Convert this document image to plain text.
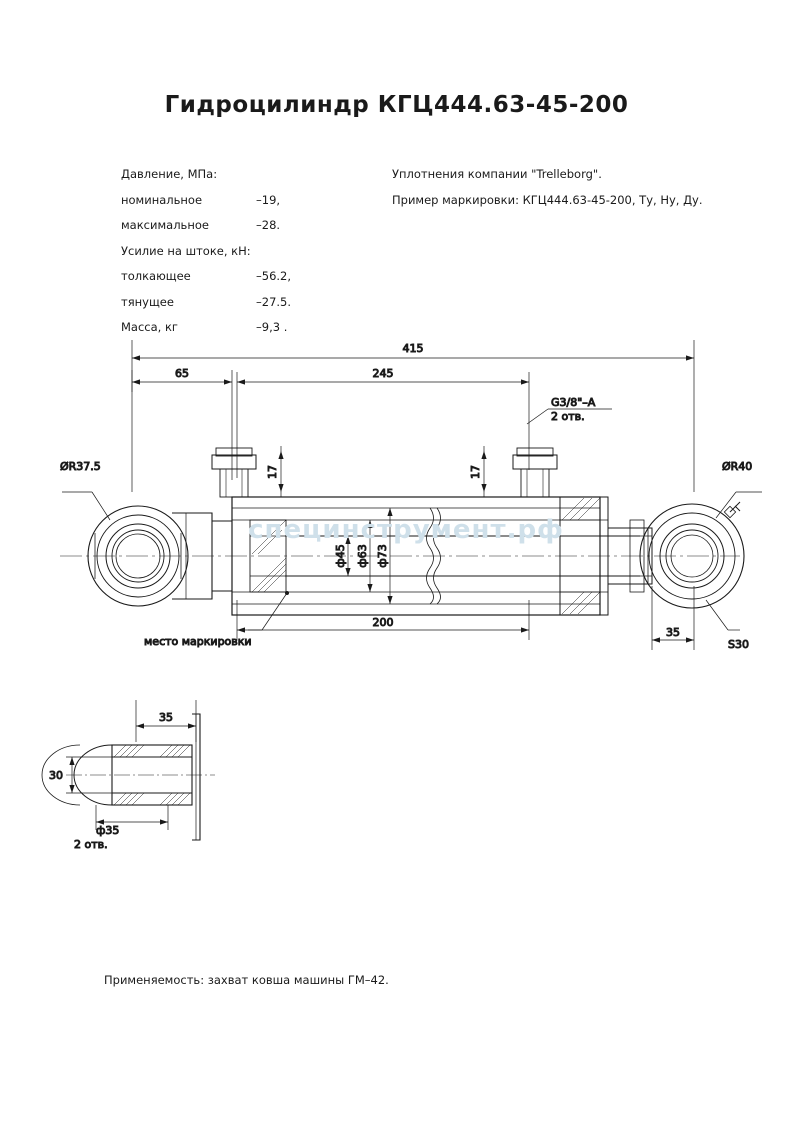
Гидроцилиндр КГЦ444.63-45-200
Давление, МПа:
номинальное	–19,
максимальное	–28.
Усилие на штоке, кН:
толкающее	–56.2,
тянущее	–27.5.
Масса, кг	–9,3 .
Уплотнения компании "Trelleborg".
Пример маркировки: КГЦ444.63-45-200, Ту, Ну, Ду.
415
65	245
G3/8"–A
2 отв.
17	17
200
35
ф73
ф63
ф45
ØR37.5	ØR40
S30
место маркировки
35
30
ф35
2 отв.
специнструмент.рф
Применяемость: захват ковша машины ГМ–42.
